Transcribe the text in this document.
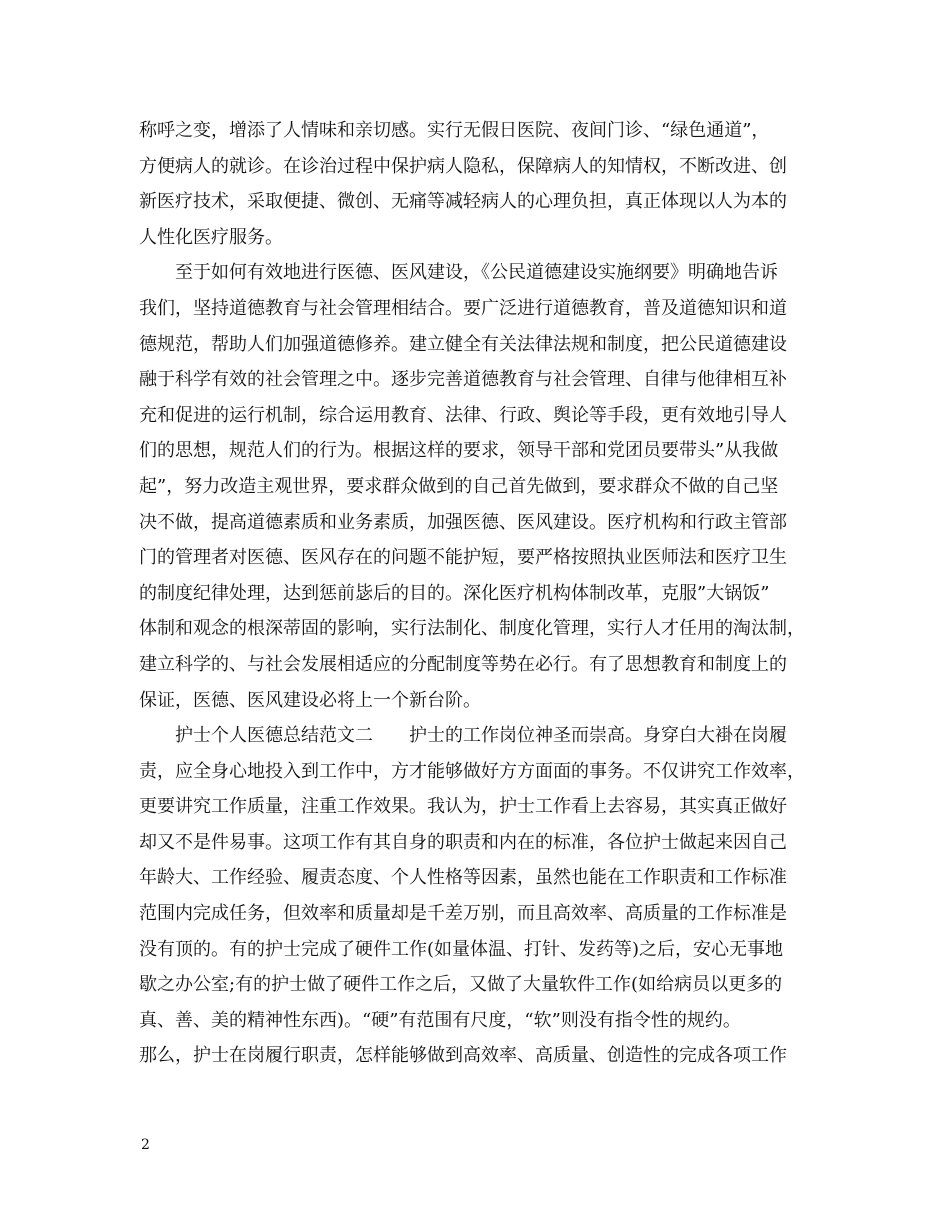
称呼之变，增添了人情味和亲切感。实行无假日医院、夜间门诊、“绿色通道”，
方便病人的就诊。在诊治过程中保护病人隐私，保障病人的知情权，不断改进、创
新医疗技术，采取便捷、微创、无痛等减轻病人的心理负担，真正体现以人为本的
人性化医疗服务。
至于如何有效地进行医德、医风建设，《公民道德建设实施纲要》明确地告诉
我们，坚持道德教育与社会管理相结合。要广泛进行道德教育，普及道德知识和道
德规范，帮助人们加强道德修养。建立健全有关法律法规和制度，把公民道德建设
融于科学有效的社会管理之中。逐步完善道德教育与社会管理、自律与他律相互补
充和促进的运行机制，综合运用教育、法律、行政、舆论等手段，更有效地引导人
们的思想，规范人们的行为。根据这样的要求，领导干部和党团员要带头”从我做
起”，努力改造主观世界，要求群众做到的自己首先做到，要求群众不做的自己坚
决不做，提高道德素质和业务素质，加强医德、医风建设。医疗机构和行政主管部
门的管理者对医德、医风存在的问题不能护短，要严格按照执业医师法和医疗卫生
的制度纪律处理，达到惩前毖后的目的。深化医疗机构体制改革，克服”大锅饭”
体制和观念的根深蒂固的影响，实行法制化、制度化管理，实行人才任用的淘汰制，
建立科学的、与社会发展相适应的分配制度等势在必行。有了思想教育和制度上的
保证，医德、医风建设必将上一个新台阶。
护士个人医德总结范文二　　护士的工作岗位神圣而崇高。身穿白大褂在岗履
责，应全身心地投入到工作中，方才能够做好方方面面的事务。不仅讲究工作效率，
更要讲究工作质量，注重工作效果。我认为，护士工作看上去容易，其实真正做好
却又不是件易事。这项工作有其自身的职责和内在的标准，各位护士做起来因自己
年龄大、工作经验、履责态度、个人性格等因素，虽然也能在工作职责和工作标准
范围内完成任务，但效率和质量却是千差万别，而且高效率、高质量的工作标准是
没有顶的。有的护士完成了硬件工作(如量体温、打针、发药等)之后，安心无事地
歇之办公室;有的护士做了硬件工作之后，又做了大量软件工作(如给病员以更多的
真、善、美的精神性东西)。“硬”有范围有尺度，“软”则没有指令性的规约。
那么，护士在岗履行职责，怎样能够做到高效率、高质量、创造性的完成各项工作
2
